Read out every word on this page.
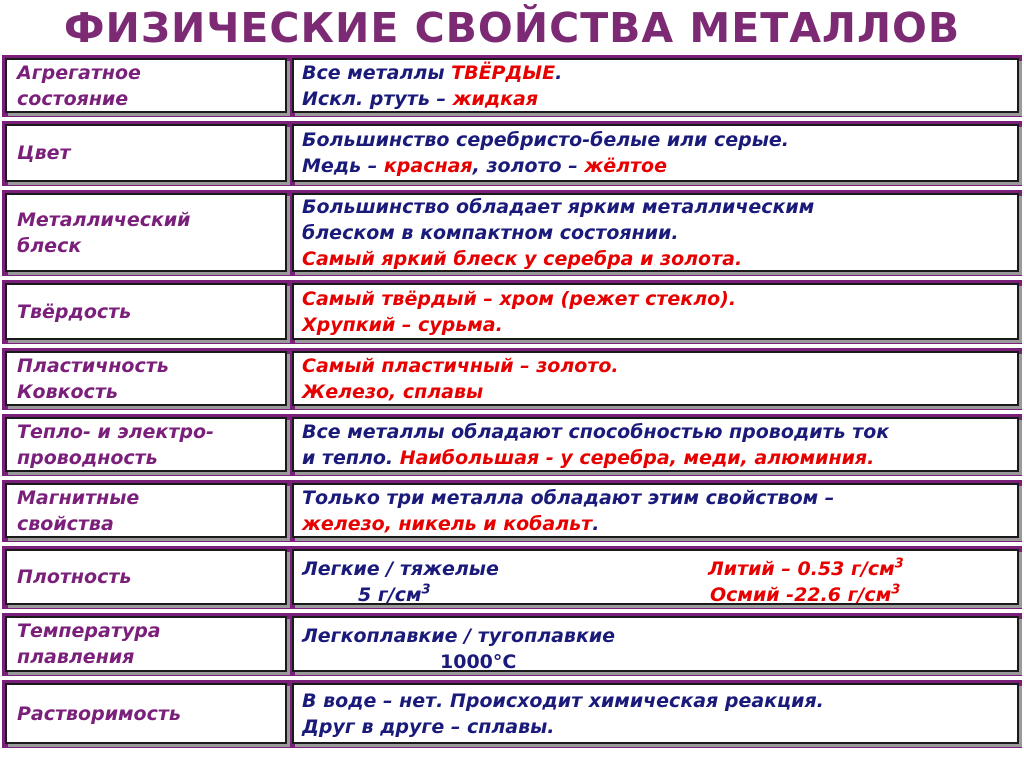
ФИЗИЧЕСКИЕ СВОЙСТВА МЕТАЛЛОВ
Агрегатное
состояние
Все металлы ТВЁРДЫЕ.
Искл. ртуть – жидкая
Цвет
Большинство серебристо-белые или серые.
Медь – красная, золото – жёлтое
Металлический
блеск
Большинство обладает ярким металлическим
блеском в компактном состоянии.
Самый яркий блеск у серебра и золота.
Твёрдость
Самый твёрдый – хром (режет стекло).
Хрупкий – сурьма.
Пластичность
Ковкость
Самый пластичный – золото.
Железо, сплавы
Тепло- и электро-
проводность
Все металлы обладают способностью проводить ток
и тепло. Наибольшая - у серебра, меди, алюминия.
Магнитные
свойства
Только три металла обладают этим свойством –
железо, никель и кобальт.
Плотность	Легкие / тяжелые
5 $г/см^3$
Литий – 0.53 $г/см^3$
Осмий -22.6 $г/см^3$
Температура
плавления
Легкоплавкие / тугоплавкие
1000°С
Растворимость
В воде – нет. Происходит химическая реакция.
Друг в друге – сплавы.
